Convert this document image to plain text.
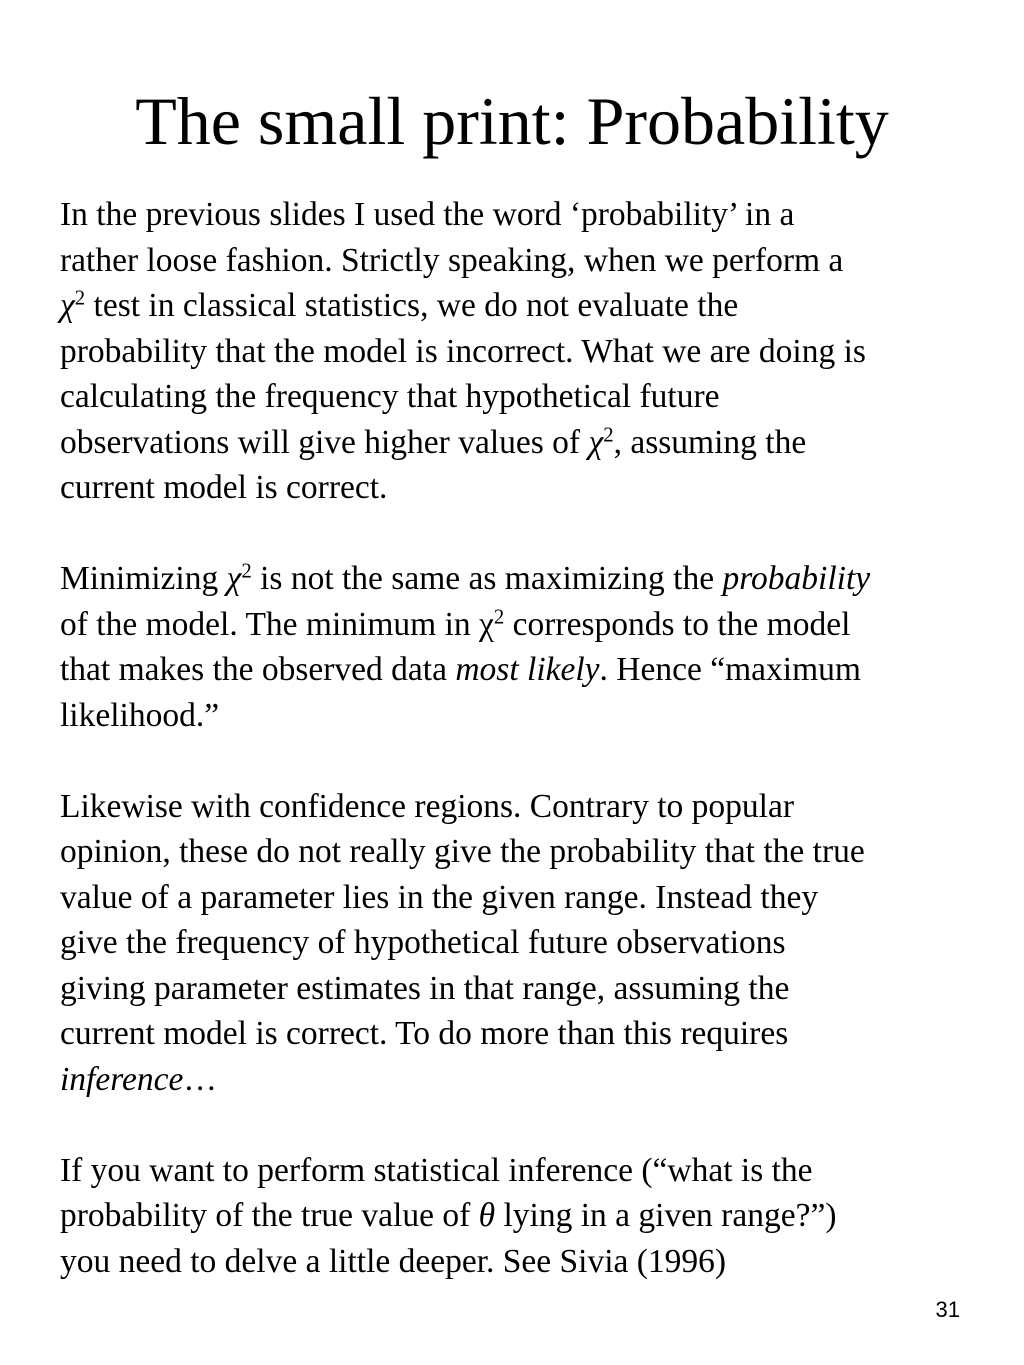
The small print: Probability
In the previous slides I used the word ‘probability’ in a
rather loose fashion. Strictly speaking, when we perform a
$\chi^2$ test in classical statistics, we do not evaluate the
probability that the model is incorrect. What we are doing is
calculating the frequency that hypothetical future
observations will give higher values of $\chi^2$, assuming the
current model is correct.
Minimizing $\chi^2$ is not the same as maximizing the probability
of the model. The minimum in $\chi^2$ corresponds to the model
that makes the observed data most likely. Hence “maximum
likelihood.”
Likewise with confidence regions. Contrary to popular
opinion, these do not really give the probability that the true
value of a parameter lies in the given range. Instead they
give the frequency of hypothetical future observations
giving parameter estimates in that range, assuming the
current model is correct. To do more than this requires
inference…
If you want to perform statistical inference (“what is the
probability of the true value of θ lying in a given range?”)
you need to delve a little deeper. See Sivia (1996)
31
